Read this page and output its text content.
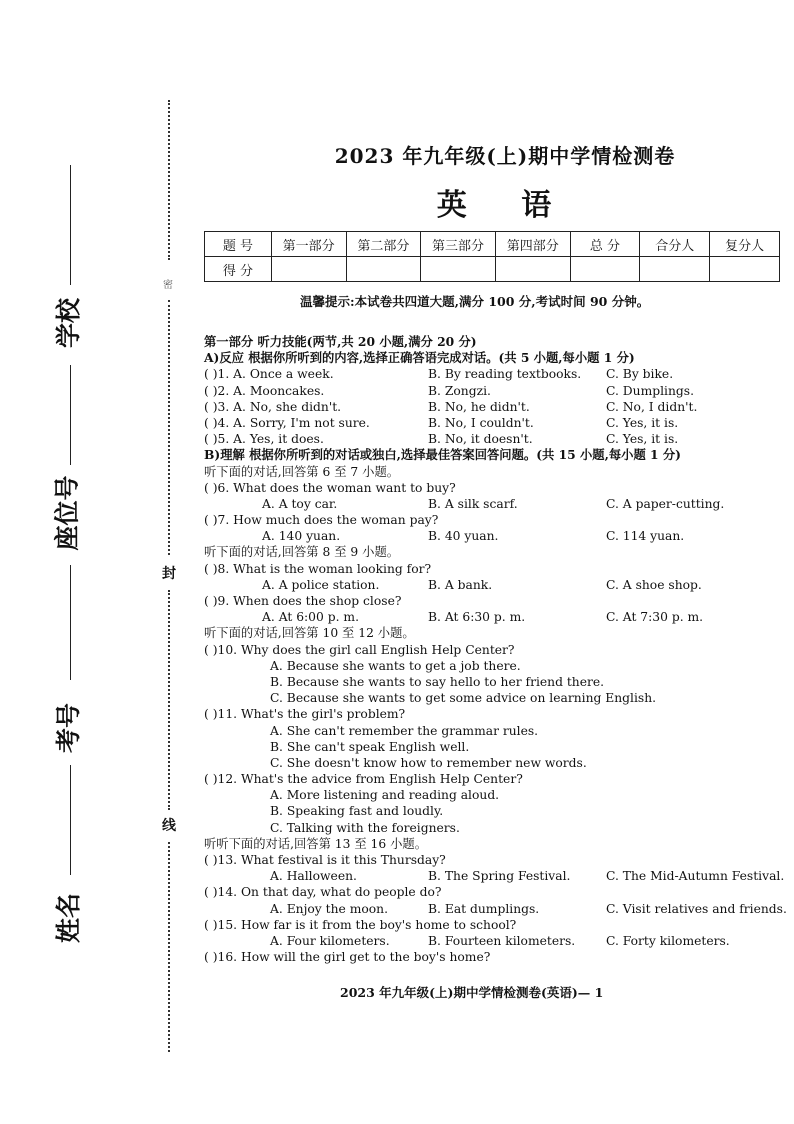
学校
座位号
考号
姓名
密
封
线
2023 年九年级(上)期中学情检测卷
英 语
题 号	第一部分	第二部分	第三部分	第四部分	总 分	合分人	复分人
得 分							
温馨提示:本试卷共四道大题,满分 100 分,考试时间 90 分钟。
第一部分 听力技能(两节,共 20 小题,满分 20 分)
A)反应 根据你所听到的内容,选择正确答语完成对话。(共 5 小题,每小题 1 分)
( )1. A. Once a week.	B. By reading textbooks. C. By bike.
( )2. A. Mooncakes.	B. Zongzi.	C. Dumplings.
( )3. A. No, she didn't.	B. No, he didn't.	C. No, I didn't.
( )4. A. Sorry, I'm not sure.	B. No, I couldn't.	C. Yes, it is.
( )5. A. Yes, it does.	B. No, it doesn't.	C. Yes, it is.
B)理解 根据你所听到的对话或独白,选择最佳答案回答问题。(共 15 小题,每小题 1 分)
听下面的对话,回答第 6 至 7 小题。
( )6. What does the woman want to buy?
A. A toy car.	B. A silk scarf.	C. A paper-cutting.
( )7. How much does the woman pay?
A. 140 yuan.	B. 40 yuan.	C. 114 yuan.
听下面的对话,回答第 8 至 9 小题。
( )8. What is the woman looking for?
A. A police station.	B. A bank.	C. A shoe shop.
( )9. When does the shop close?
A. At 6:00 p. m.	B. At 6:30 p. m.	C. At 7:30 p. m.
听下面的对话,回答第 10 至 12 小题。
( )10. Why does the girl call English Help Center?
A. Because she wants to get a job there.
B. Because she wants to say hello to her friend there.
C. Because she wants to get some advice on learning English.
( )11. What's the girl's problem?
A. She can't remember the grammar rules.
B. She can't speak English well.
C. She doesn't know how to remember new words.
( )12. What's the advice from English Help Center?
A. More listening and reading aloud.
B. Speaking fast and loudly.
C. Talking with the foreigners.
听听下面的对话,回答第 13 至 16 小题。
( )13. What festival is it this Thursday?
A. Halloween.	B. The Spring Festival.	C. The Mid-Autumn Festival.
( )14. On that day, what do people do?
A. Enjoy the moon.	B. Eat dumplings.	C. Visit relatives and friends.
( )15. How far is it from the boy's home to school?
A. Four kilometers.	B. Fourteen kilometers.	C. Forty kilometers.
( )16. How will the girl get to the boy's home?
2023 年九年级(上)期中学情检测卷(英语)— 1
